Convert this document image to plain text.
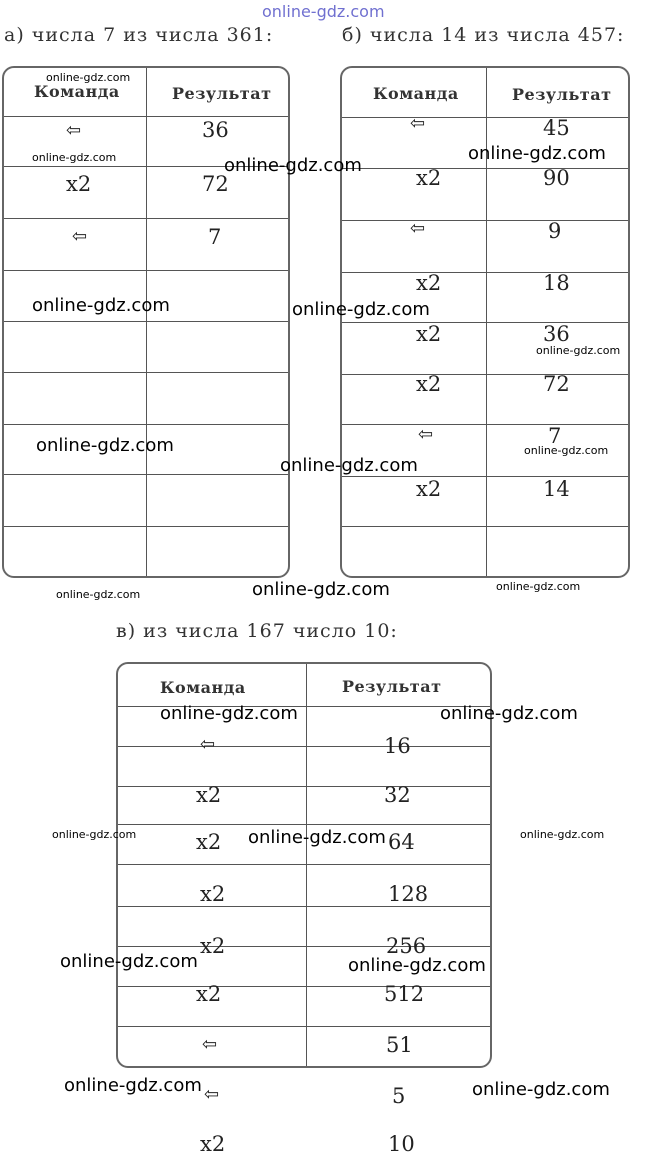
online-gdz.com
а) числа 7 из числа 361:
Команда	Результат
⇦	36
x2	72
⇦	7
б) числа 14 из числа 457:
Команда	Результат
⇦	45
x2	90
⇦	9
x2	18
x2	36
x2	72
⇦	7
x2	14
в) из числа 167 число 10:
Команда	Результат
⇦	16
x2	32
x2	64
x2	128
x2	256
x2	512
⇦	51
⇦	5
x2	10
online-gdz.com
online-gdz.com	online-gdz.com
online-gdz.com
online-gdz.com	online-gdz.com
online-gdz.com
online-gdz.com	online-gdz.com
online-gdz.com
online-gdz.com	online-gdz.com
online-gdz.com
online-gdz.com	online-gdz.com
online-gdz.com	online-gdz.com	online-gdz.com
online-gdz.com	online-gdz.com
online-gdz.com	online-gdz.com
